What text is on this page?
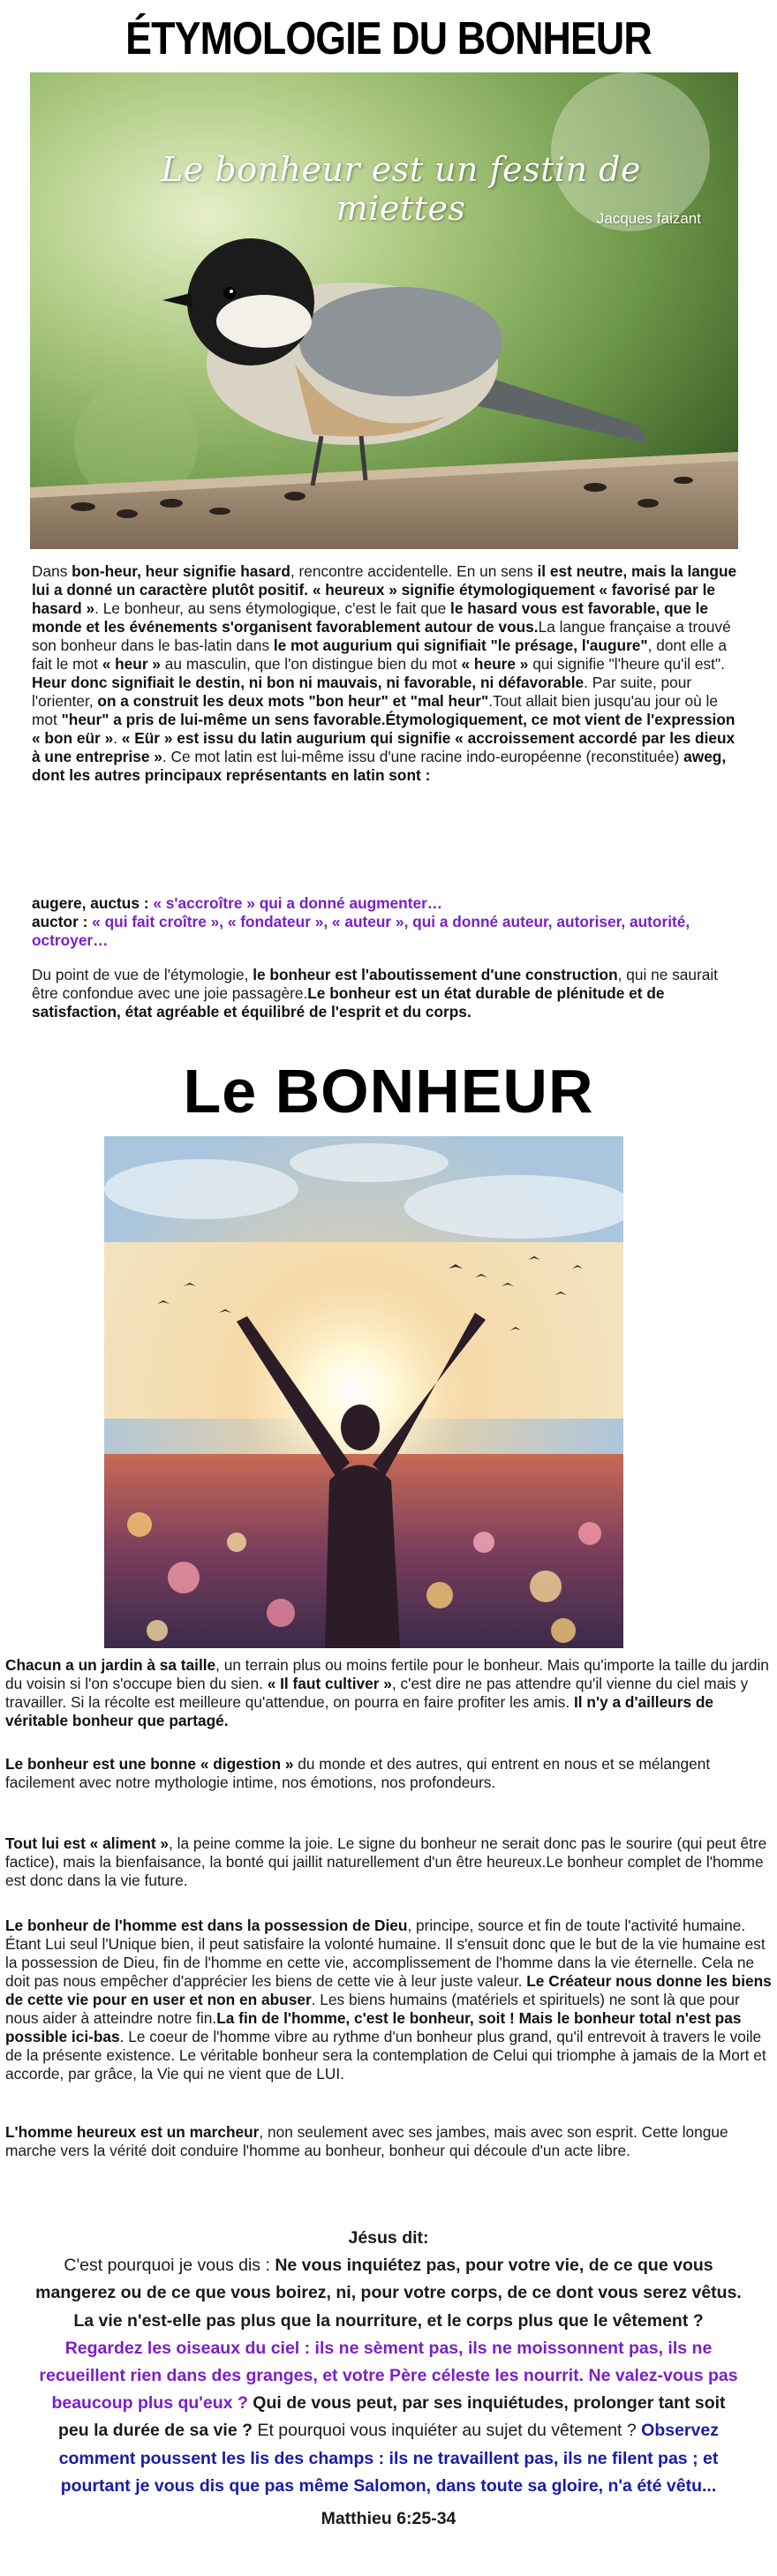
ÉTYMOLOGIE DU BONHEUR
Le bonheur est un festin de miettes	Jacques faizant
Dans bon-heur, heur signifie hasard, rencontre accidentelle. En un sens il est neutre, mais la langue lui a donné un caractère plutôt positif. « heureux » signifie étymologiquement « favorisé par le hasard ». Le bonheur, au sens étymologique, c'est le fait que le hasard vous est favorable, que le monde et les événements s'organisent favorablement autour de vous.La langue française a trouvé son bonheur dans le bas-latin dans le mot augurium qui signifiait "le présage, l'augure", dont elle a fait le mot « heur » au masculin, que l'on distingue bien du mot « heure » qui signifie "l'heure qu'il est". Heur donc signifiait le destin, ni bon ni mauvais, ni favorable, ni défavorable. Par suite, pour l'orienter, on a construit les deux mots "bon heur" et "mal heur".Tout allait bien jusqu'au jour où le mot "heur" a pris de lui-même un sens favorable.Étymologiquement, ce mot vient de l'expression « bon eür ». « Eür » est issu du latin augurium qui signifie « accroissement accordé par les dieux à une entreprise ». Ce mot latin est lui-même issu d'une racine indo-européenne (reconstituée) aweg, dont les autres principaux représentants en latin sont :
augere, auctus : « s'accroître » qui a donné augmenter…
auctor : « qui fait croître », « fondateur », « auteur », qui a donné auteur, autoriser, autorité, octroyer…
Du point de vue de l'étymologie, le bonheur est l'aboutissement d'une construction, qui ne saurait être confondue avec une joie passagère.Le bonheur est un état durable de plénitude et de satisfaction, état agréable et équilibré de l'esprit et du corps.
Le BONHEUR
Chacun a un jardin à sa taille, un terrain plus ou moins fertile pour le bonheur. Mais qu'importe la taille du jardin du voisin si l'on s'occupe bien du sien. « Il faut cultiver », c'est dire ne pas attendre qu'il vienne du ciel mais y travailler. Si la récolte est meilleure qu'attendue, on pourra en faire profiter les amis. Il n'y a d'ailleurs de véritable bonheur que partagé.
Le bonheur est une bonne « digestion » du monde et des autres, qui entrent en nous et se mélangent facilement avec notre mythologie intime, nos émotions, nos profondeurs.
Tout lui est « aliment », la peine comme la joie. Le signe du bonheur ne serait donc pas le sourire (qui peut être factice), mais la bienfaisance, la bonté qui jaillit naturellement d'un être heureux.Le bonheur complet de l'homme est donc dans la vie future.
Le bonheur de l'homme est dans la possession de Dieu, principe, source et fin de toute l'activité humaine. Étant Lui seul l'Unique bien, il peut satisfaire la volonté humaine. Il s'ensuit donc que le but de la vie humaine est la possession de Dieu, fin de l'homme en cette vie, accomplissement de l'homme dans la vie éternelle. Cela ne doit pas nous empêcher d'apprécier les biens de cette vie à leur juste valeur. Le Créateur nous donne les biens de cette vie pour en user et non en abuser. Les biens humains (matériels et spirituels) ne sont là que pour nous aider à atteindre notre fin.La fin de l'homme, c'est le bonheur, soit ! Mais le bonheur total n'est pas possible ici-bas. Le coeur de l'homme vibre au rythme d'un bonheur plus grand, qu'il entrevoit à travers le voile de la présente existence. Le véritable bonheur sera la contemplation de Celui qui triomphe à jamais de la Mort et accorde, par grâce, la Vie qui ne vient que de LUI.
L'homme heureux est un marcheur, non seulement avec ses jambes, mais avec son esprit. Cette longue marche vers la vérité doit conduire l'homme au bonheur, bonheur qui découle d'un acte libre.
Jésus dit:
C'est pourquoi je vous dis : Ne vous inquiétez pas, pour votre vie, de ce que vous mangerez ou de ce que vous boirez, ni, pour votre corps, de ce dont vous serez vêtus. La vie n'est-elle pas plus que la nourriture, et le corps plus que le vêtement ? Regardez les oiseaux du ciel : ils ne sèment pas, ils ne moissonnent pas, ils ne recueillent rien dans des granges, et votre Père céleste les nourrit. Ne valez-vous pas beaucoup plus qu'eux ? Qui de vous peut, par ses inquiétudes, prolonger tant soit peu la durée de sa vie ? Et pourquoi vous inquiéter au sujet du vêtement ? Observez comment poussent les lis des champs : ils ne travaillent pas, ils ne filent pas ; et pourtant je vous dis que pas même Salomon, dans toute sa gloire, n'a été vêtu...
Matthieu 6:25-34
